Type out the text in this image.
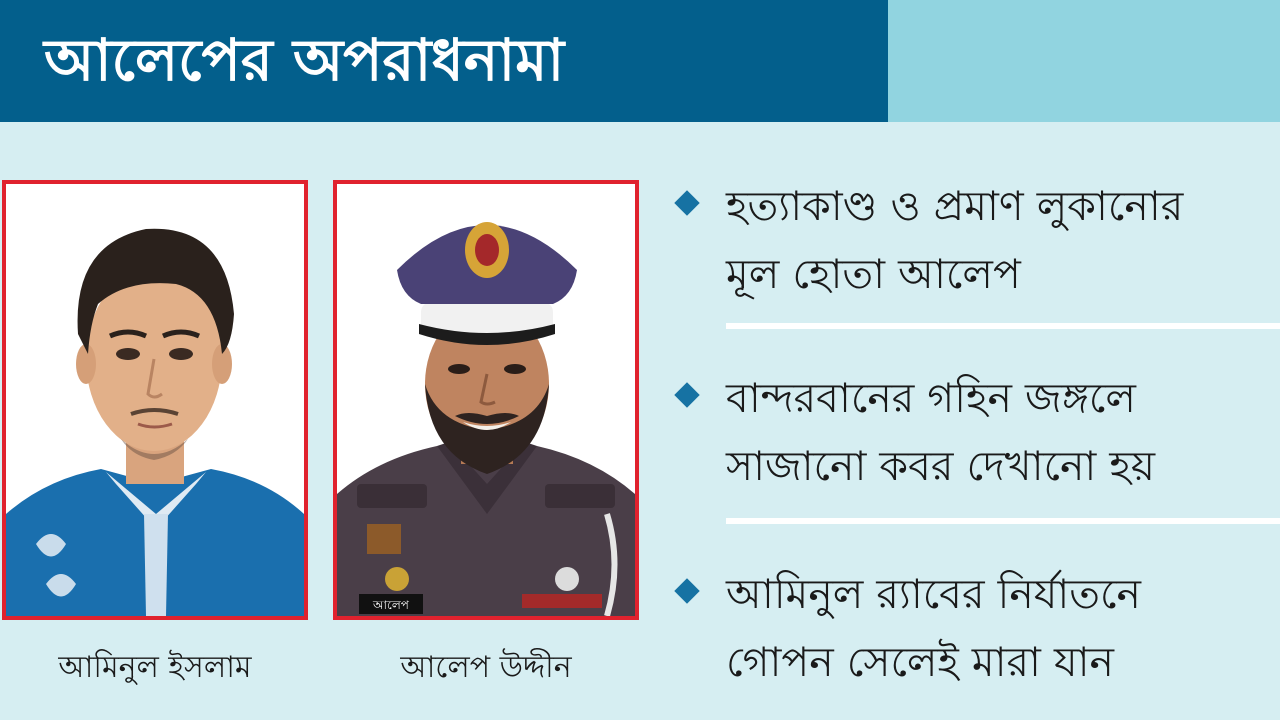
আলেপের অপরাধনামা
আমিনুল ইসলাম
আলেপ
আলেপ উদ্দীন
হত্যাকাণ্ড ও প্রমাণ লুকানোর
মূল হোতা আলেপ
বান্দরবানের গহিন জঙ্গলে
সাজানো কবর দেখানো হয়
আমিনুল র‍্যাবের নির্যাতনে
গোপন সেলেই মারা যান
